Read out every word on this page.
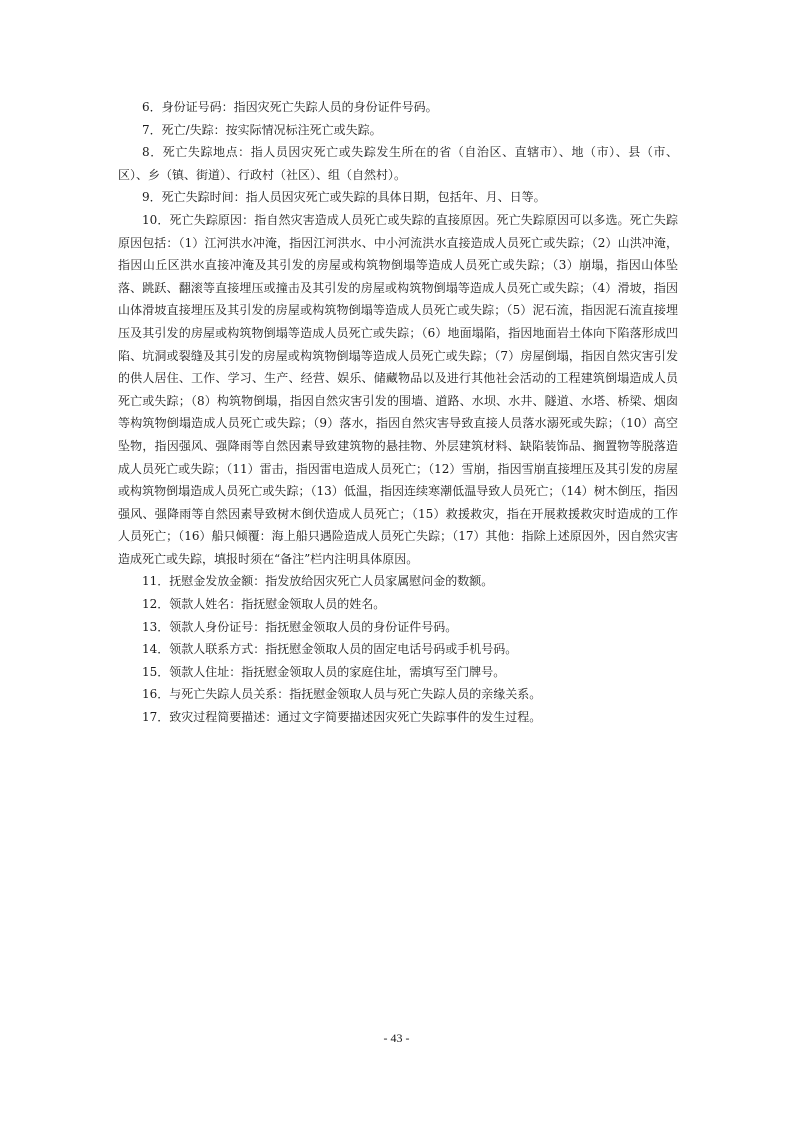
6．身份证号码：指因灾死亡失踪人员的身份证件号码。

7．死亡/失踪：按实际情况标注死亡或失踪。

8．死亡失踪地点：指人员因灾死亡或失踪发生所在的省（自治区、直辖市）、地（市）、县（市、区）、乡（镇、街道）、行政村（社区）、组（自然村）。

9．死亡失踪时间：指人员因灾死亡或失踪的具体日期，包括年、月、日等。

10．死亡失踪原因：指自然灾害造成人员死亡或失踪的直接原因。死亡失踪原因可以多选。死亡失踪原因包括：（1）江河洪水冲淹，指因江河洪水、中小河流洪水直接造成人员死亡或失踪；（2）山洪冲淹，指因山丘区洪水直接冲淹及其引发的房屋或构筑物倒塌等造成人员死亡或失踪；（3）崩塌，指因山体坠落、跳跃、翻滚等直接埋压或撞击及其引发的房屋或构筑物倒塌等造成人员死亡或失踪；（4）滑坡，指因山体滑坡直接埋压及其引发的房屋或构筑物倒塌等造成人员死亡或失踪；（5）泥石流，指因泥石流直接埋压及其引发的房屋或构筑物倒塌等造成人员死亡或失踪；（6）地面塌陷，指因地面岩土体向下陷落形成凹陷、坑洞或裂缝及其引发的房屋或构筑物倒塌等造成人员死亡或失踪；（7）房屋倒塌，指因自然灾害引发的供人居住、工作、学习、生产、经营、娱乐、储藏物品以及进行其他社会活动的工程建筑倒塌造成人员死亡或失踪；（8）构筑物倒塌，指因自然灾害引发的围墙、道路、水坝、水井、隧道、水塔、桥梁、烟囱等构筑物倒塌造成人员死亡或失踪；（9）落水，指因自然灾害导致直接人员落水溺死或失踪；（10）高空坠物，指因强风、强降雨等自然因素导致建筑物的悬挂物、外层建筑材料、缺陷装饰品、搁置物等脱落造成人员死亡或失踪；（11）雷击，指因雷电造成人员死亡；（12）雪崩，指因雪崩直接埋压及其引发的房屋或构筑物倒塌造成人员死亡或失踪；（13）低温，指因连续寒潮低温导致人员死亡；（14）树木倒压，指因强风、强降雨等自然因素导致树木倒伏造成人员死亡；（15）救援救灾，指在开展救援救灾时造成的工作人员死亡；（16）船只倾覆：海上船只遇险造成人员死亡失踪；（17）其他：指除上述原因外，因自然灾害造成死亡或失踪，填报时须在“备注”栏内注明具体原因。

11．抚慰金发放金额：指发放给因灾死亡人员家属慰问金的数额。

12．领款人姓名：指抚慰金领取人员的姓名。

13．领款人身份证号：指抚慰金领取人员的身份证件号码。

14．领款人联系方式：指抚慰金领取人员的固定电话号码或手机号码。

15．领款人住址：指抚慰金领取人员的家庭住址，需填写至门牌号。

16．与死亡失踪人员关系：指抚慰金领取人员与死亡失踪人员的亲缘关系。

17．致灾过程简要描述：通过文字简要描述因灾死亡失踪事件的发生过程。

- 43 -
